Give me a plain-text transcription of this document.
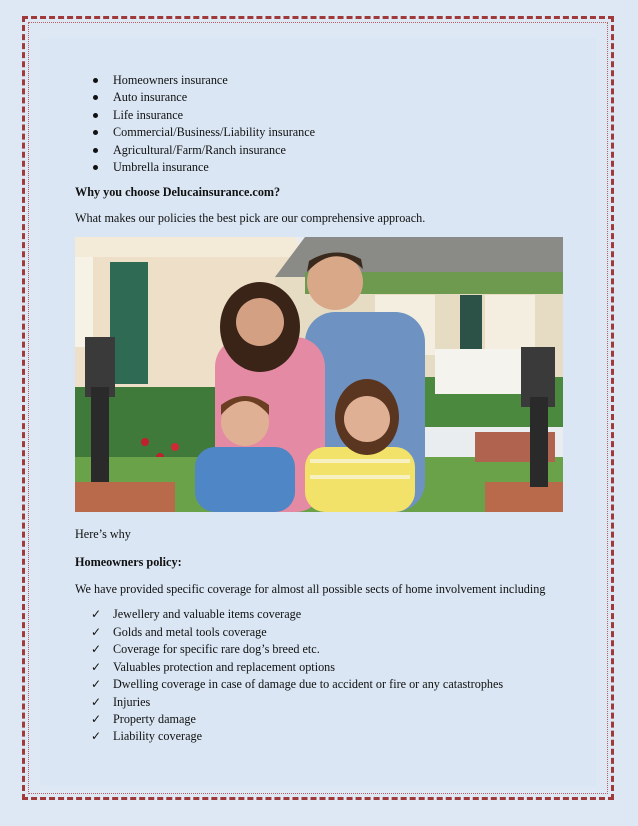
Homeowners insurance
Auto insurance
Life insurance
Commercial/Business/Liability insurance
Agricultural/Farm/Ranch insurance
Umbrella insurance

Why you choose Delucainsurance.com?

What makes our policies the best pick are our comprehensive approach.

Here’s why

Homeowners policy:

We have provided specific coverage for almost all possible sects of home involvement including

✓ Jewellery and valuable items coverage
✓ Golds and metal tools coverage
✓ Coverage for specific rare dog’s breed etc.
✓ Valuables protection and replacement options
✓ Dwelling coverage in case of damage due to accident or fire or any catastrophes
✓ Injuries
✓ Property damage
✓ Liability coverage
